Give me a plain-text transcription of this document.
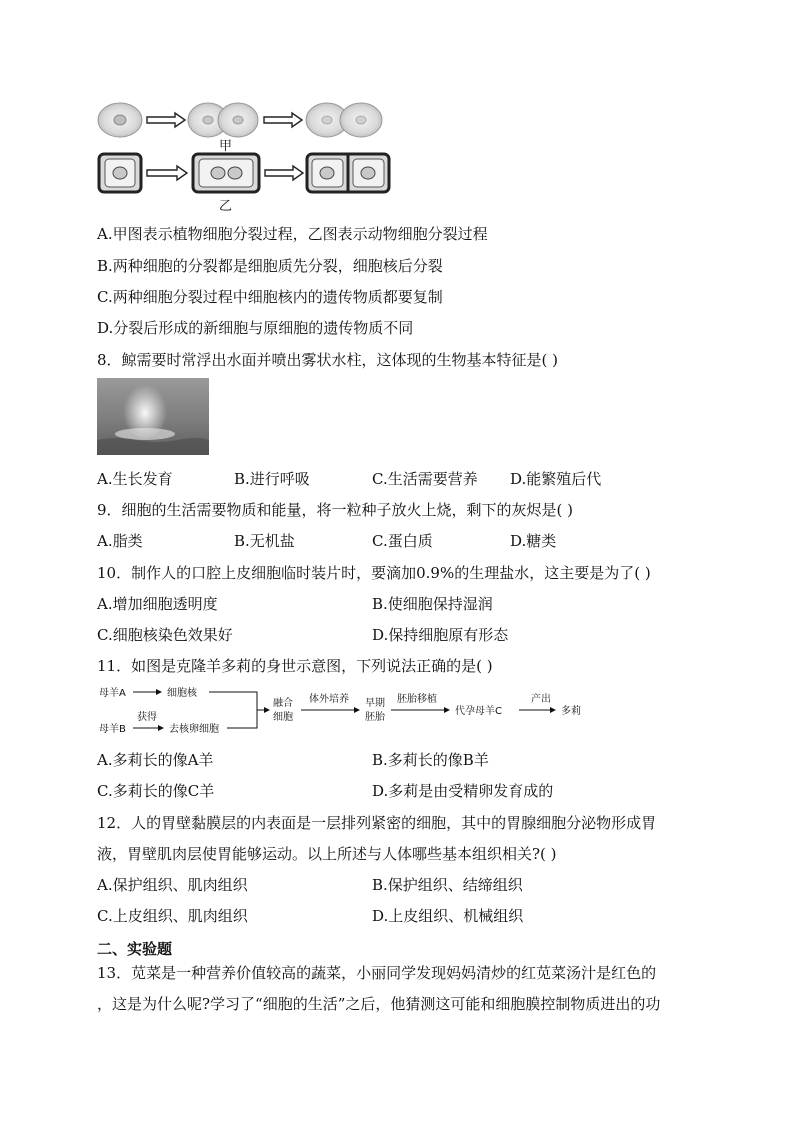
甲
乙
A.甲图表示植物细胞分裂过程，乙图表示动物细胞分裂过程
B.两种细胞的分裂都是细胞质先分裂，细胞核后分裂
C.两种细胞分裂过程中细胞核内的遗传物质都要复制
D.分裂后形成的新细胞与原细胞的遗传物质不同
8．鲸需要时常浮出水面并喷出雾状水柱，这体现的生物基本特征是( )
A.生长发育	B.进行呼吸	C.生活需要营养 D.能繁殖后代
9．细胞的生活需要物质和能量，将一粒种子放火上烧，剩下的灰烬是( )
A.脂类	B.无机盐	C.蛋白质	D.糖类
10．制作人的口腔上皮细胞临时装片时，要滴加0.9%的生理盐水，这主要是为了( )
A.增加细胞透明度	B.使细胞保持湿润
C.细胞核染色效果好	D.保持细胞原有形态
11．如图是克隆羊多莉的身世示意图，下列说法正确的是( )
母羊A	细胞核
母羊B
获得
去核卵细胞
融合
细胞
体外培养 早期
胚胎
胚胎移植
代孕母羊C
产出
多莉
A.多莉长的像A羊	B.多莉长的像B羊
C.多莉长的像C羊	D.多莉是由受精卵发育成的
12．人的胃壁黏膜层的内表面是一层排列紧密的细胞，其中的胃腺细胞分泌物形成胃
液，胃壁肌肉层使胃能够运动。以上所述与人体哪些基本组织相关?( )
A.保护组织、肌肉组织	B.保护组织、结缔组织
C.上皮组织、肌肉组织	D.上皮组织、机械组织
二、实验题
13．苋菜是一种营养价值较高的蔬菜，小丽同学发现妈妈清炒的红苋菜汤汁是红色的
，这是为什么呢?学习了“细胞的生活”之后，他猜测这可能和细胞膜控制物质进出的功
